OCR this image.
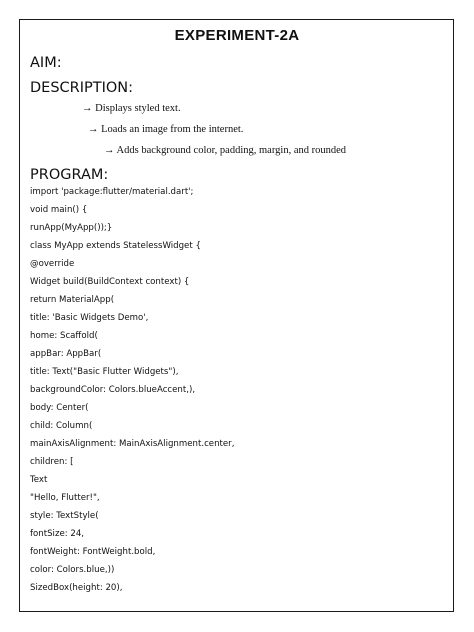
EXPERIMENT-2A
AIM:
DESCRIPTION:
→ Displays styled text.
→ Loads an image from the internet.
→ Adds background color, padding, margin, and rounded
PROGRAM:
import 'package:flutter/material.dart';
void main() {
runApp(MyApp());}
class MyApp extends StatelessWidget {
@override
Widget build(BuildContext context) {
return MaterialApp(
title: 'Basic Widgets Demo',
home: Scaffold(
appBar: AppBar(
title: Text("Basic Flutter Widgets"),
backgroundColor: Colors.blueAccent,),
body: Center(
child: Column(
mainAxisAlignment: MainAxisAlignment.center,
children: [
Text
"Hello, Flutter!",
style: TextStyle(
fontSize: 24,
fontWeight: FontWeight.bold,
color: Colors.blue,))
SizedBox(height: 20),
